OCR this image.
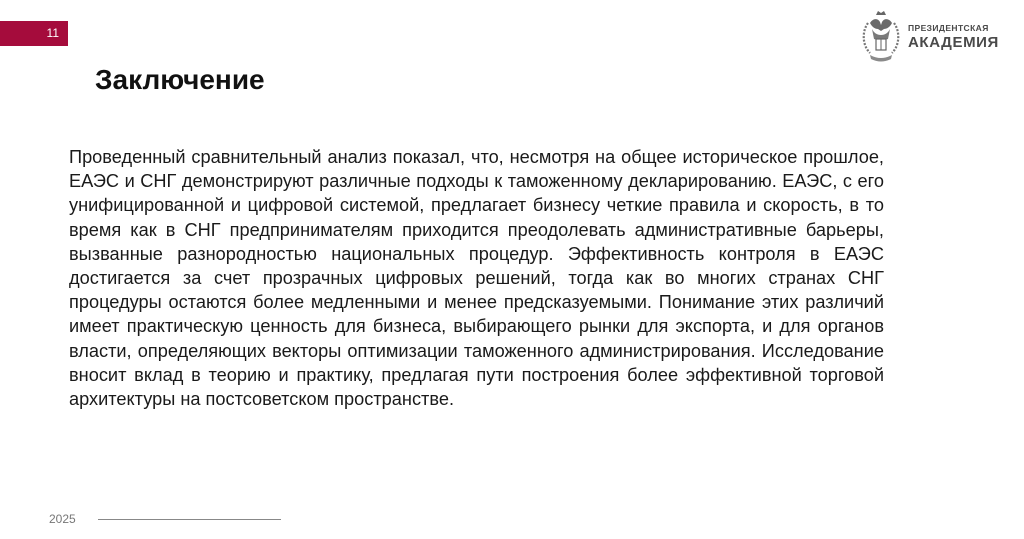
11	ПРЕЗИДЕНТСКАЯ
АКАДЕМИЯ
Заключение

Проведенный сравнительный анализ показал, что, несмотря на общее историческое прошлое, ЕАЭС и СНГ демонстрируют различные подходы к таможенному декларированию. ЕАЭС, с его унифицированной и цифровой системой, предлагает бизнесу четкие правила и скорость, в то время как в СНГ предпринимателям приходится преодолевать административные барьеры, вызванные разнородностью национальных процедур. Эффективность контроля в ЕАЭС достигается за счет прозрачных цифровых решений, тогда как во многих странах СНГ процедуры остаются более медленными и менее предсказуемыми. Понимание этих различий имеет практическую ценность для бизнеса, выбирающего рынки для экспорта, и для органов власти, определяющих векторы оптимизации таможенного администрирования. Исследование вносит вклад в теорию и практику, предлагая пути построения более эффективной торговой архитектуры на постсоветском пространстве.

2025
